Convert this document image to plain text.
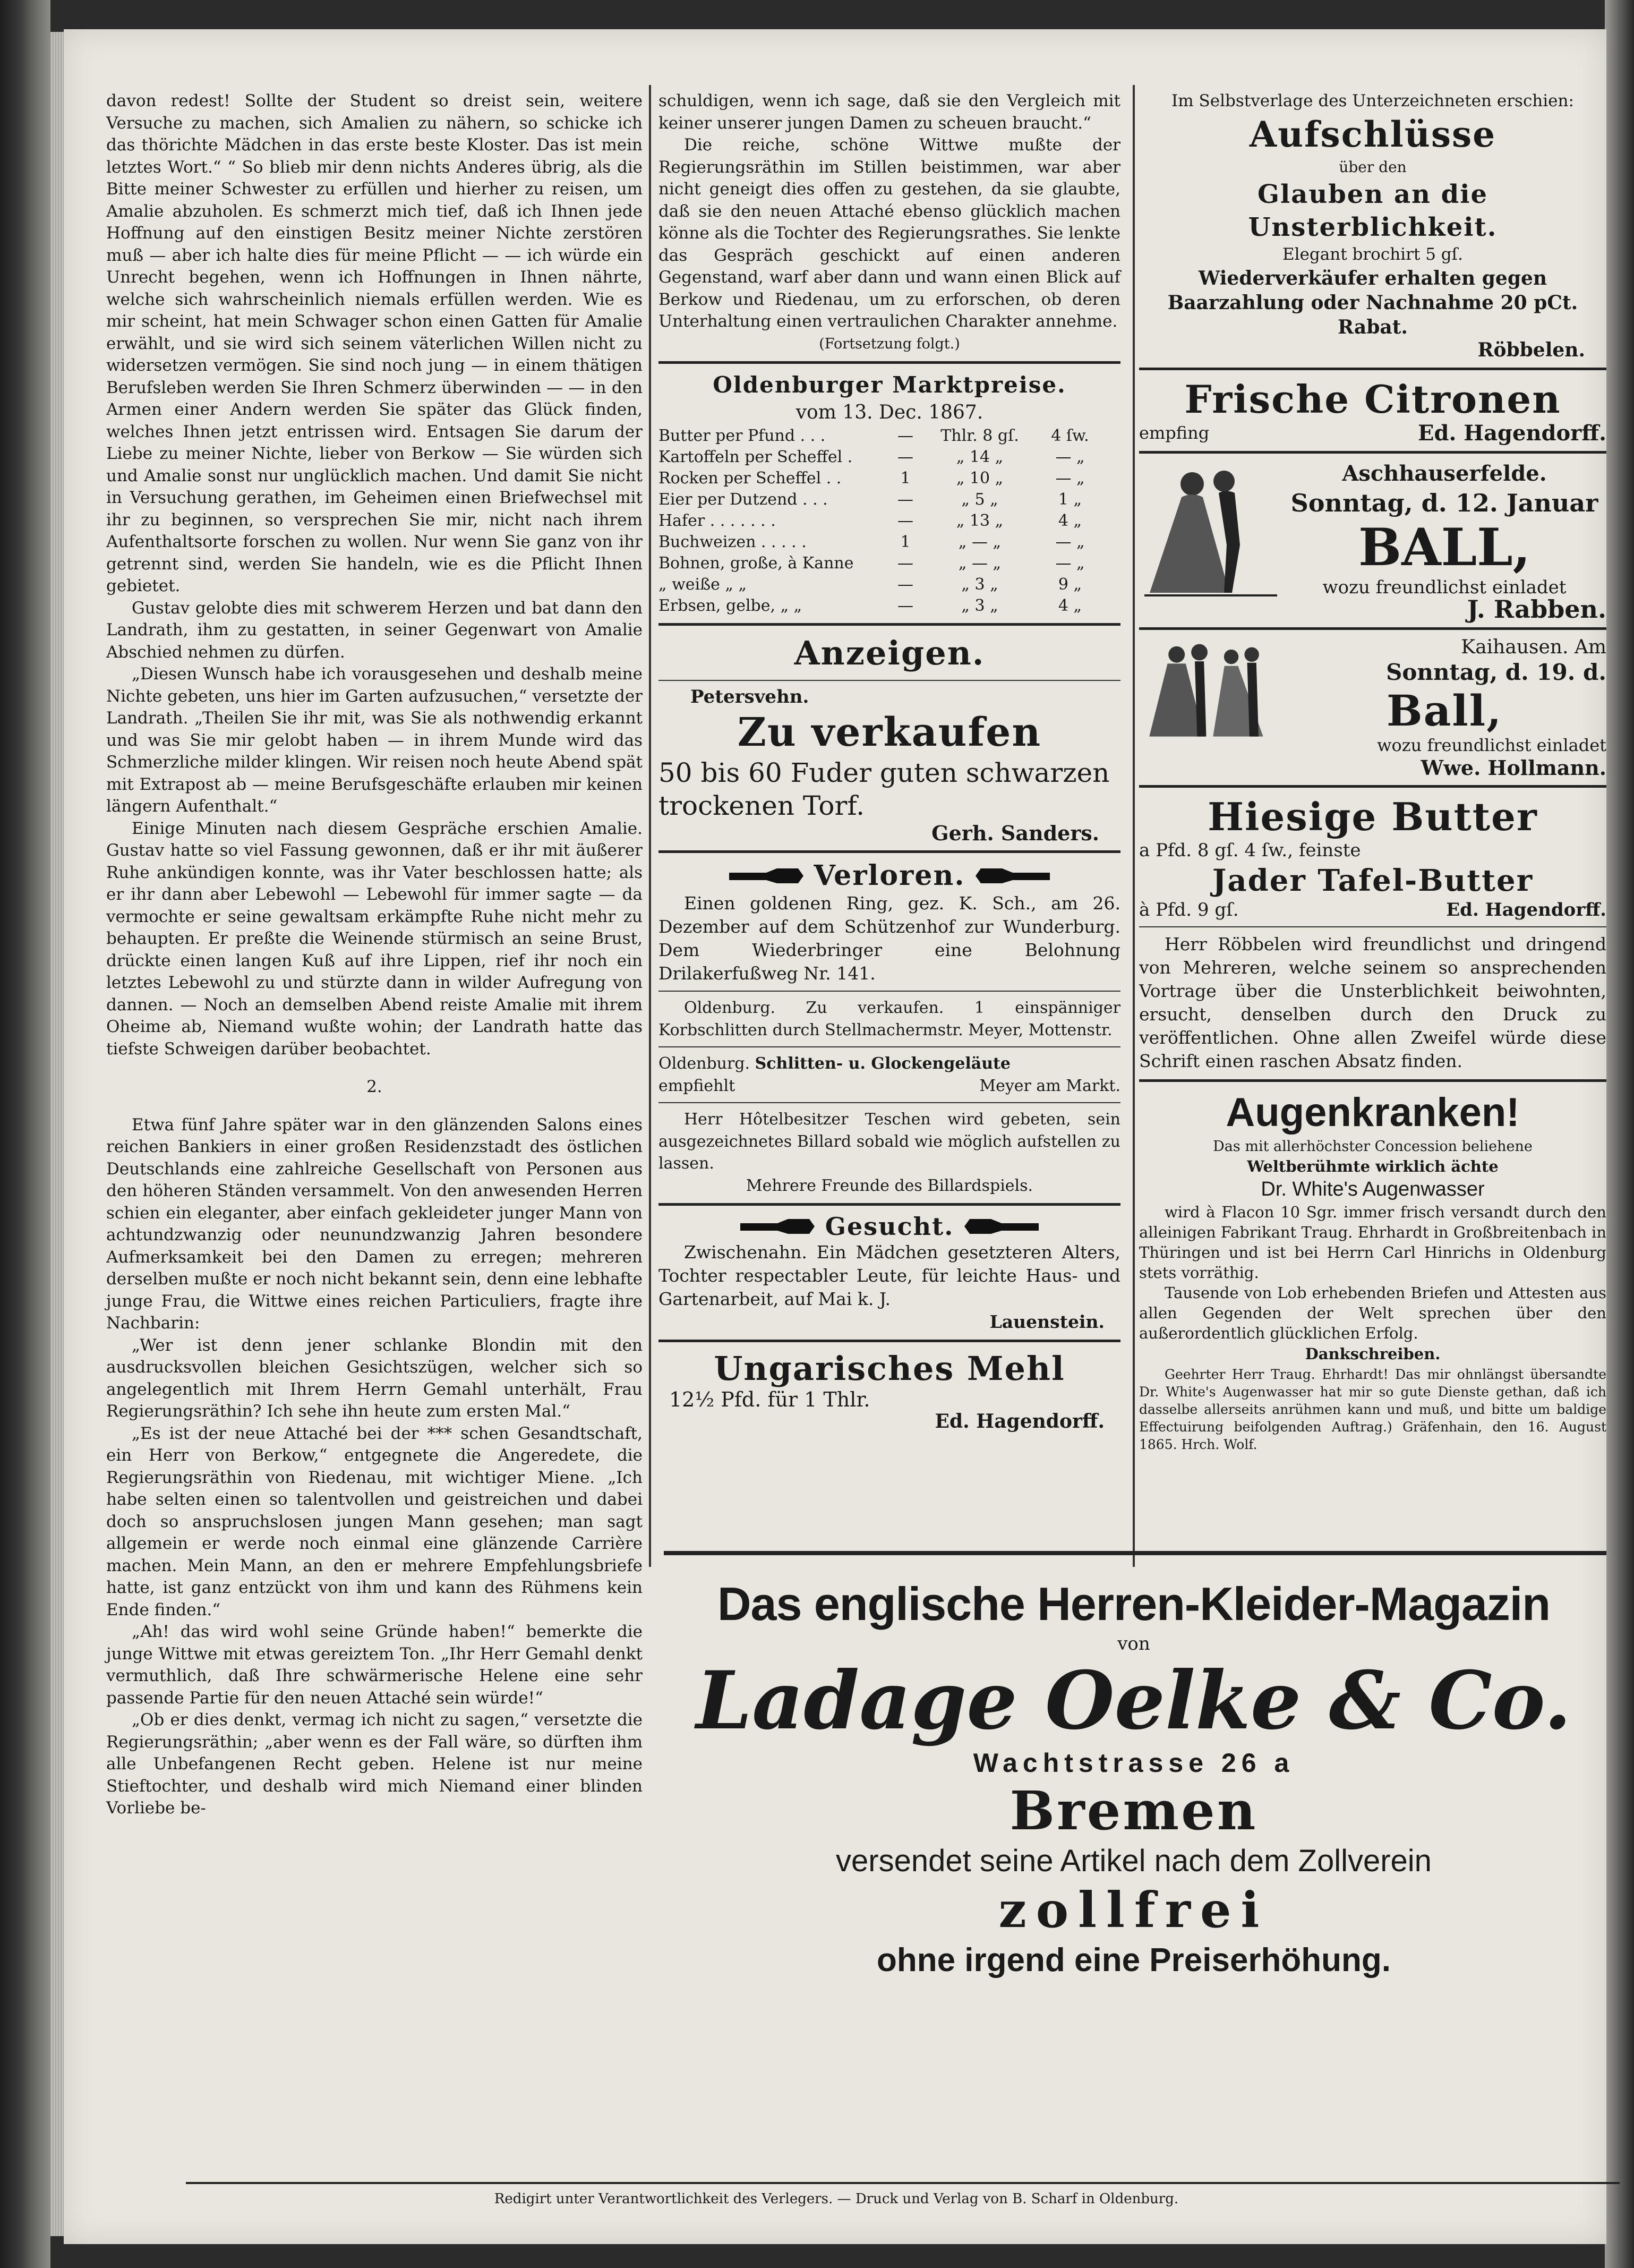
davon redest! Sollte der Student so dreist sein, weitere Versuche zu machen, sich Amalien zu nähern, so schicke ich das thörichte Mädchen in das erste beste Kloster. Das ist mein letztes Wort.“ “ So blieb mir denn nichts Anderes übrig, als die Bitte meiner Schwester zu erfüllen und hierher zu reisen, um Amalie abzuholen. Es schmerzt mich tief, daß ich Ihnen jede Hoffnung auf den einstigen Besitz meiner Nichte zerstören muß — aber ich halte dies für meine Pflicht — — ich würde ein Unrecht begehen, wenn ich Hoffnungen in Ihnen nährte, welche sich wahrscheinlich niemals erfüllen werden. Wie es mir scheint, hat mein Schwager schon einen Gatten für Amalie erwählt, und sie wird sich seinem väterlichen Willen nicht zu widersetzen vermögen. Sie sind noch jung — in einem thätigen Berufsleben werden Sie Ihren Schmerz überwinden — — in den Armen einer Andern werden Sie später das Glück finden, welches Ihnen jetzt entrissen wird. Entsagen Sie darum der Liebe zu meiner Nichte, lieber von Berkow — Sie würden sich und Amalie sonst nur unglücklich machen. Und damit Sie nicht in Versuchung gerathen, im Geheimen einen Briefwechsel mit ihr zu beginnen, so versprechen Sie mir, nicht nach ihrem Aufenthaltsorte forschen zu wollen. Nur wenn Sie ganz von ihr getrennt sind, werden Sie handeln, wie es die Pflicht Ihnen gebietet.

Gustav gelobte dies mit schwerem Herzen und bat dann den Landrath, ihm zu gestatten, in seiner Gegenwart von Amalie Abschied nehmen zu dürfen.

„Diesen Wunsch habe ich vorausgesehen und deshalb meine Nichte gebeten, uns hier im Garten aufzusuchen,“ versetzte der Landrath. „Theilen Sie ihr mit, was Sie als nothwendig erkannt und was Sie mir gelobt haben — in ihrem Munde wird das Schmerzliche milder klingen. Wir reisen noch heute Abend spät mit Extrapost ab — meine Berufsgeschäfte erlauben mir keinen längern Aufenthalt.“

Einige Minuten nach diesem Gespräche erschien Amalie. Gustav hatte so viel Fassung gewonnen, daß er ihr mit äußerer Ruhe ankündigen konnte, was ihr Vater beschlossen hatte; als er ihr dann aber Lebewohl — Lebewohl für immer sagte — da vermochte er seine gewaltsam erkämpfte Ruhe nicht mehr zu behaupten. Er preßte die Weinende stürmisch an seine Brust, drückte einen langen Kuß auf ihre Lippen, rief ihr noch ein letztes Lebewohl zu und stürzte dann in wilder Aufregung von dannen. — Noch an demselben Abend reiste Amalie mit ihrem Oheime ab, Niemand wußte wohin; der Landrath hatte das tiefste Schweigen darüber beobachtet.

2.

Etwa fünf Jahre später war in den glänzenden Salons eines reichen Bankiers in einer großen Residenzstadt des östlichen Deutschlands eine zahlreiche Gesellschaft von Personen aus den höheren Ständen versammelt. Von den anwesenden Herren schien ein eleganter, aber einfach gekleideter junger Mann von achtundzwanzig oder neunundzwanzig Jahren besondere Aufmerksamkeit bei den Damen zu erregen; mehreren derselben mußte er noch nicht bekannt sein, denn eine lebhafte junge Frau, die Wittwe eines reichen Particuliers, fragte ihre Nachbarin:

„Wer ist denn jener schlanke Blondin mit den ausdrucksvollen bleichen Gesichtszügen, welcher sich so angelegentlich mit Ihrem Herrn Gemahl unterhält, Frau Regierungsräthin? Ich sehe ihn heute zum ersten Mal.“

„Es ist der neue Attaché bei der *** schen Gesandtschaft, ein Herr von Berkow,“ entgegnete die Angeredete, die Regierungsräthin von Riedenau, mit wichtiger Miene. „Ich habe selten einen so talentvollen und geistreichen und dabei doch so anspruchslosen jungen Mann gesehen; man sagt allgemein er werde noch einmal eine glänzende Carrière machen. Mein Mann, an den er mehrere Empfehlungsbriefe hatte, ist ganz entzückt von ihm und kann des Rühmens kein Ende finden.“

„Ah! das wird wohl seine Gründe haben!“ bemerkte die junge Wittwe mit etwas gereiztem Ton. „Ihr Herr Gemahl denkt vermuthlich, daß Ihre schwärmerische Helene eine sehr passende Partie für den neuen Attaché sein würde!“

„Ob er dies denkt, vermag ich nicht zu sagen,“ versetzte die Regierungsräthin; „aber wenn es der Fall wäre, so dürften ihm alle Unbefangenen Recht geben. Helene ist nur meine Stieftochter, und deshalb wird mich Niemand einer blinden Vorliebe be-

schuldigen, wenn ich sage, daß sie den Vergleich mit keiner unserer jungen Damen zu scheuen braucht.“

Die reiche, schöne Wittwe mußte der Regierungsräthin im Stillen beistimmen, war aber nicht geneigt dies offen zu gestehen, da sie glaubte, daß sie den neuen Attaché ebenso glücklich machen könne als die Tochter des Regierungsrathes. Sie lenkte das Gespräch geschickt auf einen anderen Gegenstand, warf aber dann und wann einen Blick auf Berkow und Riedenau, um zu erforschen, ob deren Unterhaltung einen vertraulichen Charakter annehme.

(Fortsetzung folgt.)

Oldenburger Marktpreise.

vom 13. Dec. 1867.

Butter per Pfund . . .	—	Thlr. 8 gſ.	4 ſw.
Kartoffeln per Scheffel .	—	„ 14 „	— „
Rocken per Scheffel . .	1	„ 10 „	— „
Eier per Dutzend . . .	—	„ 5 „	1 „
Hafer . . . . . . .	—	„ 13 „	4 „
Buchweizen . . . . .	1	„ — „	— „
Bohnen, große, à Kanne	—	„ — „	— „
„ weiße „ „	—	„ 3 „	9 „
Erbsen, gelbe, „ „	—	„ 3 „	4 „

Anzeigen.

Petersvehn.

Zu verkaufen

50 bis 60 Fuder guten schwarzen trockenen Torf.

Gerh. Sanders.

Verloren.

Einen goldenen Ring, gez. K. Sch., am 26. Dezember auf dem Schützenhof zur Wunderburg. Dem Wiederbringer eine Belohnung Drilakerfußweg Nr. 141.

Oldenburg. Zu verkaufen. 1 einspänniger Korbschlitten durch Stellmachermstr. Meyer, Mottenstr.

Oldenburg. Schlitten- u. Glockengeläute

empfiehlt	Meyer am Markt.

Herr Hôtelbesitzer Teschen wird gebeten, sein ausgezeichnetes Billard sobald wie möglich aufstellen zu lassen.

Mehrere Freunde des Billardspiels.

Gesucht.

Zwischenahn. Ein Mädchen gesetzteren Alters, Tochter respectabler Leute, für leichte Haus- und Gartenarbeit, auf Mai k. J.

Lauenstein.

Ungarisches Mehl

12½ Pfd. für 1 Thlr.

Ed. Hagendorff.

Im Selbstverlage des Unterzeichneten erschien:

Aufschlüsse

über den

Glauben an die Unsterblichkeit.

Elegant brochirt 5 gſ.

Wiederverkäufer erhalten gegen Baarzahlung oder Nachnahme 20 pCt. Rabat.

Röbbelen.

Frische Citronen

empfing	Ed. Hagendorff.

Aschhauserfelde.

Sonntag, d. 12. Januar

BALL,

wozu freundlichst einladet

J. Rabben.

Kaihausen. Am

Sonntag, d. 19. d.

Ball,

wozu freundlichst einladet

Wwe. Hollmann.

Hiesige Butter

a Pfd. 8 gſ. 4 ſw., feinste

Jader Tafel-Butter

à Pfd. 9 gſ.	Ed. Hagendorff.

Herr Röbbelen wird freundlichst und dringend von Mehreren, welche seinem so ansprechenden Vortrage über die Unsterblichkeit beiwohnten, ersucht, denselben durch den Druck zu veröffentlichen. Ohne allen Zweifel würde diese Schrift einen raschen Absatz finden.

Augenkranken!

Das mit allerhöchster Concession beliehene

Weltberühmte wirklich ächte

Dr. White's Augenwasser

wird à Flacon 10 Sgr. immer frisch versandt durch den alleinigen Fabrikant Traug. Ehrhardt in Großbreitenbach in Thüringen und ist bei Herrn Carl Hinrichs in Oldenburg stets vorräthig.

Tausende von Lob erhebenden Briefen und Attesten aus allen Gegenden der Welt sprechen über den außerordentlich glücklichen Erfolg.

Dankschreiben.

Geehrter Herr Traug. Ehrhardt! Das mir ohnlängst übersandte Dr. White's Augenwasser hat mir so gute Dienste gethan, daß ich dasselbe allerseits anrühmen kann und muß, und bitte um baldige Effectuirung beifolgenden Auftrag.) Gräfenhain, den 16. August 1865. Hrch. Wolf.

Das englische Herren-Kleider-Magazin

von

Ladage Oelke & Co.

Wachtstrasse 26 a

Bremen

versendet seine Artikel nach dem Zollverein

zollfrei

ohne irgend eine Preiserhöhung.

Redigirt unter Verantwortlichkeit des Verlegers. — Druck und Verlag von B. Scharf in Oldenburg.
